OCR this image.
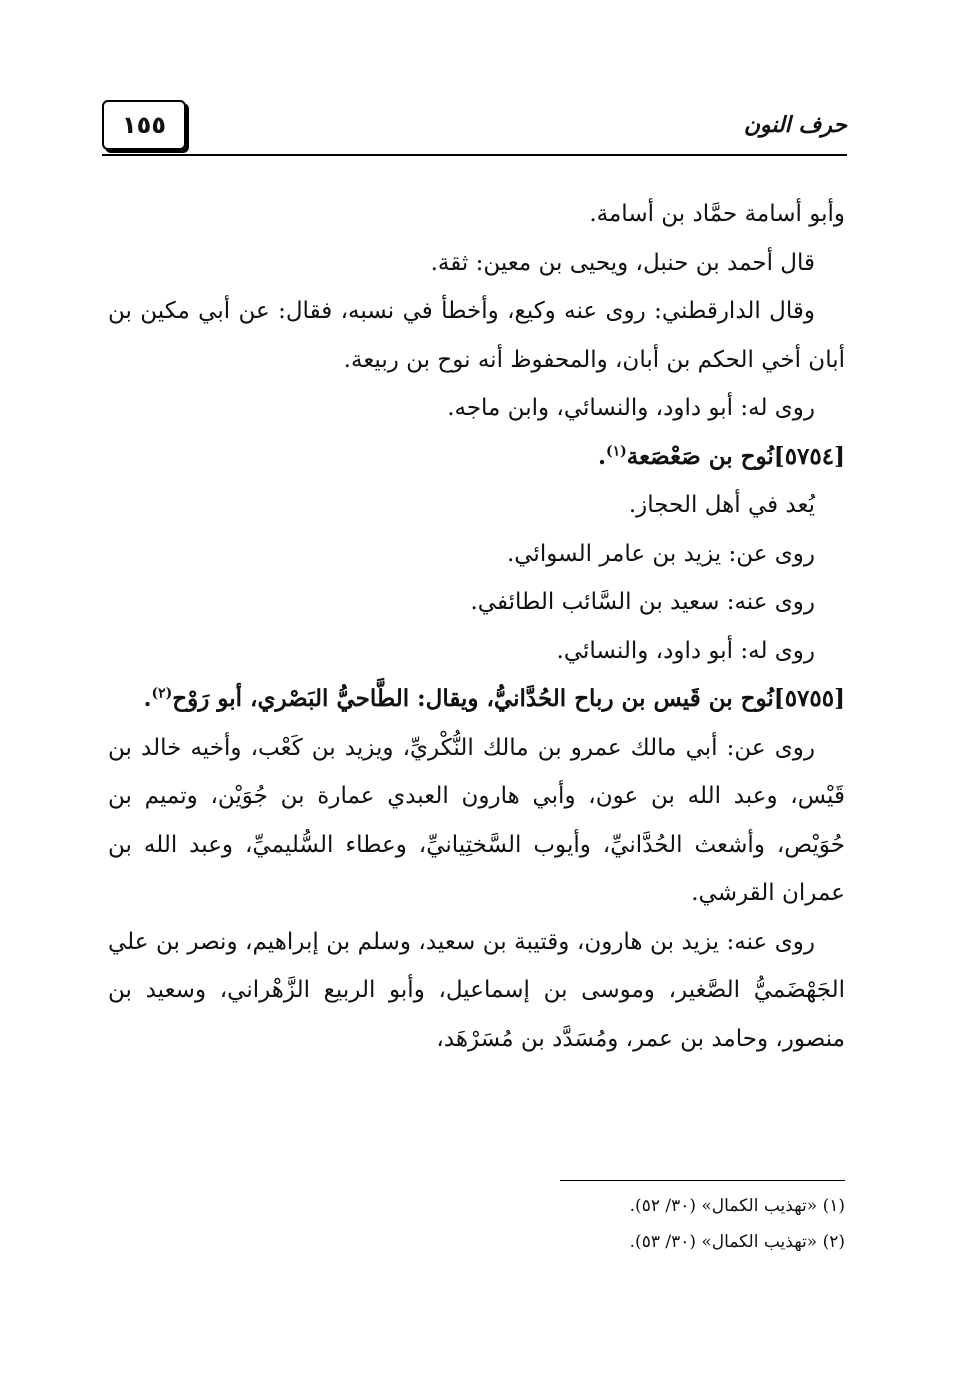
١٥٥	حرف النون

وأبو أسامة حمَّاد بن أسامة.

قال أحمد بن حنبل، ويحيى بن معين: ثقة.

وقال الدارقطني: روى عنه وكيع، وأخطأ في نسبه، فقال: عن أبي مكين بن أبان أخي الحكم بن أبان، والمحفوظ أنه نوح بن ربيعة.

روى له: أبو داود، والنسائي، وابن ماجه.

[٥٧٥٤]نُوح بن صَعْصَعة$^{(١)}$.

يُعد في أهل الحجاز.

روى عن: يزيد بن عامر السوائي.

روى عنه: سعيد بن السَّائب الطائفي.

روى له: أبو داود، والنسائي.

[٥٧٥٥]نُوح بن قَيس بن رباح الحُدَّانيُّ، ويقال: الطَّاحيُّ البَصْري، أبو رَوْح$^{(٢)}$.

روى عن: أبي مالك عمرو بن مالك النُّكْريِّ، ويزيد بن كَعْب، وأخيه خالد بن قَيْس، وعبد الله بن عون، وأبي هارون العبدي عمارة بن جُوَيْن، وتميم بن حُوَيْص، وأشعث الحُدَّانيِّ، وأيوب السَّختِيانيِّ، وعطاء السُّليميِّ، وعبد الله بن عمران القرشي.

روى عنه: يزيد بن هارون، وقتيبة بن سعيد، وسلم بن إبراهيم، ونصر بن علي الجَهْضَميُّ الصَّغير، وموسى بن إسماعيل، وأبو الربيع الزَّهْراني، وسعيد بن منصور، وحامد بن عمر، ومُسَدَّد بن مُسَرْهَد،

(١) «تهذيب الكمال» (٣٠/ ٥٢).

(٢) «تهذيب الكمال» (٣٠/ ٥٣).
